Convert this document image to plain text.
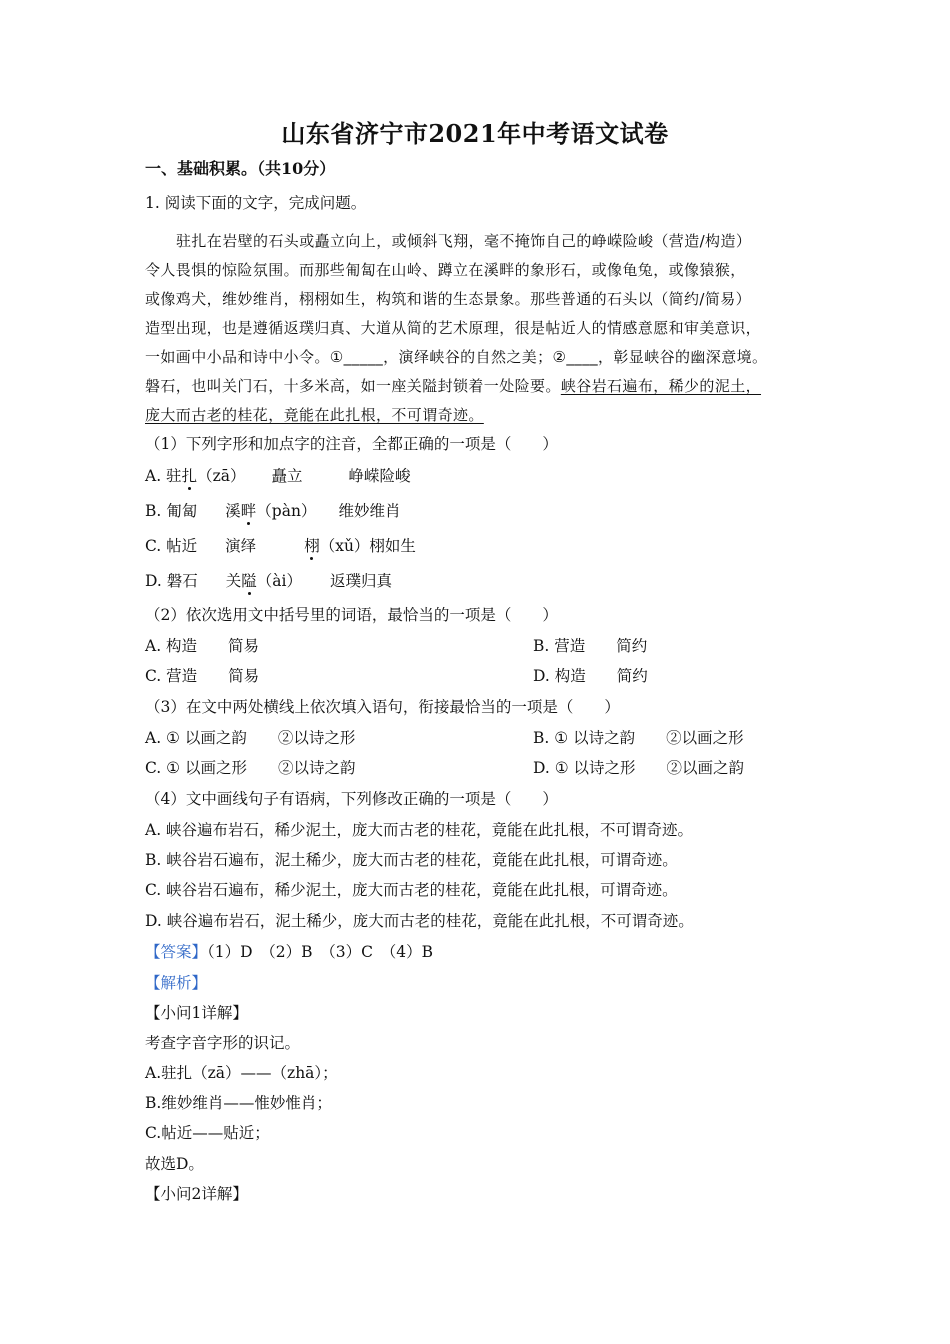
山东省济宁市2021年中考语文试卷
一、基础积累。（共10分）
1. 阅读下面的文字，完成问题。
驻扎在岩壁的石头或矗立向上，或倾斜飞翔，毫不掩饰自己的峥嵘险峻（营造/构造）
令人畏惧的惊险氛围。而那些匍匐在山岭、蹲立在溪畔的象形石，或像龟兔，或像猿猴，
或像鸡犬，维妙维肖，栩栩如生，构筑和谐的生态景象。那些普通的石头以（简约/简易）
造型出现，也是遵循返璞归真、大道从简的艺术原理，很是帖近人的情感意愿和审美意识，
一如画中小品和诗中小令。①_____，演绎峡谷的自然之美；②____，彰显峡谷的幽深意境。
磐石，也叫关门石，十多米高，如一座关隘封锁着一处险要。峡谷岩石遍布，稀少的泥土，
庞大而古老的桂花，竟能在此扎根，不可谓奇迹。
（1）下列字形和加点字的注音，全都正确的一项是（　　）
A. 驻扎（zā） 矗立	峥嵘险峻
B. 匍匐 溪畔（pàn） 维妙维肖
C. 帖近 演绎	栩（xǔ）栩如生
D. 磐石 关隘（ài） 返璞归真
（2）依次选用文中括号里的词语，最恰当的一项是（　　）
A. 构造　　简易	B. 营造　　简约
C. 营造　　简易	D. 构造　　简约
（3）在文中两处横线上依次填入语句，衔接最恰当的一项是（　　）
A. ① 以画之韵　　②以诗之形	B. ① 以诗之韵　　②以画之形
C. ① 以画之形　　②以诗之韵	D. ① 以诗之形　　②以画之韵
（4）文中画线句子有语病，下列修改正确的一项是（　　）
A. 峡谷遍布岩石，稀少泥土，庞大而古老的桂花，竟能在此扎根，不可谓奇迹。
B. 峡谷岩石遍布，泥土稀少，庞大而古老的桂花，竟能在此扎根，可谓奇迹。
C. 峡谷岩石遍布，稀少泥土，庞大而古老的桂花，竟能在此扎根，可谓奇迹。
D. 峡谷遍布岩石，泥土稀少，庞大而古老的桂花，竟能在此扎根，不可谓奇迹。
【答案】（1）D　（2）B　（3）C　（4）B
【解析】
【小问1详解】
考查字音字形的识记。
A.驻扎（zā）——（zhā）；
B.维妙维肖——惟妙惟肖；
C.帖近——贴近；
故选D。
【小问2详解】
